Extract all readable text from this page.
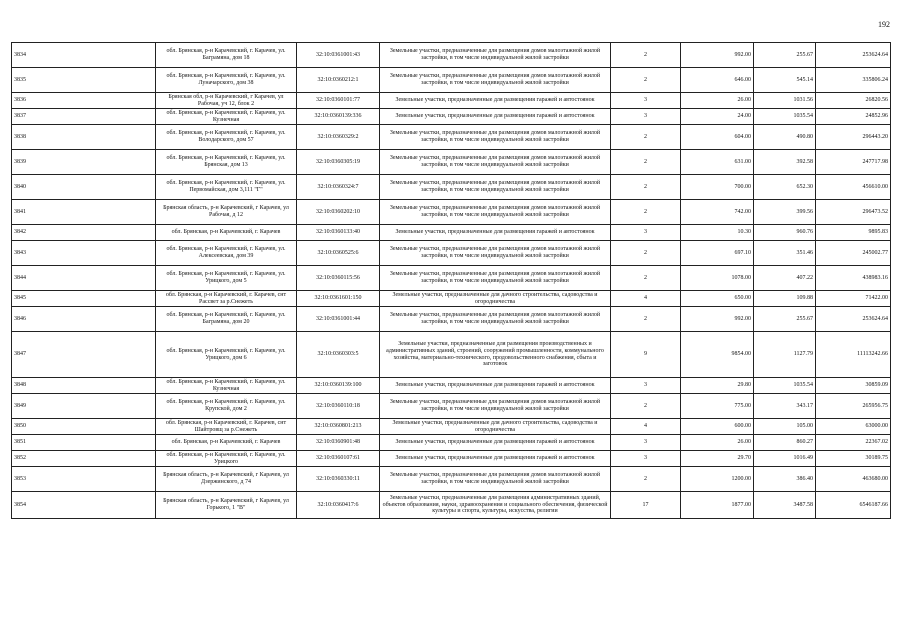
192
3834	обл. Брянская, р-н Карачевский, г. Карачев, ул. Баграмяна, дом 18	32:10:0361001:43	Земельные участки, предназначенные для размещения домов малоэтажной жилой застройки, в том числе индивидуальной жилой застройки	2	992.00	255.67	253624.64
3835	обл. Брянская, р-н Карачевский, г. Карачев, ул. Луначарского, дом 38	32:10:0360212:1	Земельные участки, предназначенные для размещения домов малоэтажной жилой застройки, в том числе индивидуальной жилой застройки	2	646.00	545.14	335806.24
3836	Брянская обл, р-н Карачевский, г Карачев, ул Рабочая, уч 12, блок 2	32:10:0360101:77	Земельные участки, предназначенные для размещения гаражей и автостоянок	3	26.00	1031.56	26820.56
3837	обл. Брянская, р-н Карачевский, г. Карачев, ул. Кузнечная	32:10:0360139:336	Земельные участки, предназначенные для размещения гаражей и автостоянок	3	24.00	1035.54	24852.96
3838	обл. Брянская, р-н Карачевский, г. Карачев, ул. Володарского, дом 57	32:10:0360329:2	Земельные участки, предназначенные для размещения домов малоэтажной жилой застройки, в том числе индивидуальной жилой застройки	2	604.00	490.80	296443.20
3839	обл. Брянская, р-н Карачевский, г. Карачев, ул. Брянская, дом 13	32:10:0360305:19	Земельные участки, предназначенные для размещения домов малоэтажной жилой застройки, в том числе индивидуальной жилой застройки	2	631.00	392.58	247717.98
3840	обл. Брянская, р-н Карачевский, г. Карачев, ул. Первомайская, дом 3,111 "Г"	32:10:0360324:7	Земельные участки, предназначенные для размещения домов малоэтажной жилой застройки, в том числе индивидуальной жилой застройки	2	700.00	652.30	456610.00
3841	Брянская область, р-н Карачевский, г Карачев, ул Рабочая, д 12	32:10:0360202:10	Земельные участки, предназначенные для размещения домов малоэтажной жилой застройки, в том числе индивидуальной жилой застройки	2	742.00	399.56	296473.52
3842	обл. Брянская, р-н Карачевский, г. Карачев	32:10:0360133:40	Земельные участки, предназначенные для размещения гаражей и автостоянок	3	10.30	960.76	9895.83
3843	обл. Брянская, р-н Карачевский, г. Карачев, ул. Алексеевская, дом 39	32:10:0360525:6	Земельные участки, предназначенные для размещения домов малоэтажной жилой застройки, в том числе индивидуальной жилой застройки	2	697.10	351.46	245002.77
3844	обл. Брянская, р-н Карачевский, г. Карачев, ул. Урицкого, дом 5	32:10:0360115:56	Земельные участки, предназначенные для размещения домов малоэтажной жилой застройки, в том числе индивидуальной жилой застройки	2	1078.00	407.22	438983.16
3845	обл. Брянская, р-н Карачевский, г. Карачев, снт Рассвет за р.Снежеть	32:10:0361601:150	Земельные участки, предназначенные для дачного строительства, садоводства и огородничества	4	650.00	109.88	71422.00
3846	обл. Брянская, р-н Карачевский, г. Карачев, ул. Баграмяна, дом 20	32:10:0361001:44	Земельные участки, предназначенные для размещения домов малоэтажной жилой застройки, в том числе индивидуальной жилой застройки	2	992.00	255.67	253624.64
3847	обл. Брянская, р-н Карачевский, г. Карачев, ул. Урицкого, дом 6	32:10:0360303:5	Земельные участки, предназначенные для размещения производственных и административных зданий, строений, сооружений промышленности, коммунального хозяйства, материально-технического, продовольственного снабжения, сбыта и заготовок	9	9854.00	1127.79	11113242.66
3848	обл. Брянская, р-н Карачевский, г. Карачев, ул. Кузнечная	32:10:0360139:100	Земельные участки, предназначенные для размещения гаражей и автостоянок	3	29.80	1035.54	30859.09
3849	обл. Брянская, р-н Карачевский, г. Карачев, ул. Крупской, дом 2	32:10:0360110:18	Земельные участки, предназначенные для размещения домов малоэтажной жилой застройки, в том числе индивидуальной жилой застройки	2	775.00	343.17	265956.75
3850	обл. Брянская, р-н Карачевский, г. Карачев, снт Шайтровщ за р.Снежеть	32:10:0360801:213	Земельные участки, предназначенные для дачного строительства, садоводства и огородничества	4	600.00	105.00	63000.00
3851	обл. Брянская, р-н Карачевский, г. Карачев	32:10:0360901:48	Земельные участки, предназначенные для размещения гаражей и автостоянок	3	26.00	860.27	22367.02
3852	обл. Брянская, р-н Карачевский, г. Карачев, ул. Урицкого	32:10:0360107:61	Земельные участки, предназначенные для размещения гаражей и автостоянок	3	29.70	1016.49	30189.75
3853	Брянская область, р-н Карачевский, г Карачев, ул Дзержинского, д 74	32:10:0360330:11	Земельные участки, предназначенные для размещения домов малоэтажной жилой застройки, в том числе индивидуальной жилой застройки	2	1200.00	386.40	463680.00
3854	Брянская область, р-н Карачевский, г Карачев, ул Горького, 1 "В"	32:10:0360417:6	Земельные участки, предназначенные для размещения административных зданий, объектов образования, науки, здравоохранения и социального обеспечения, физической культуры и спорта, культуры, искусства, религии	17	1877.00	3487.58	6546187.66
